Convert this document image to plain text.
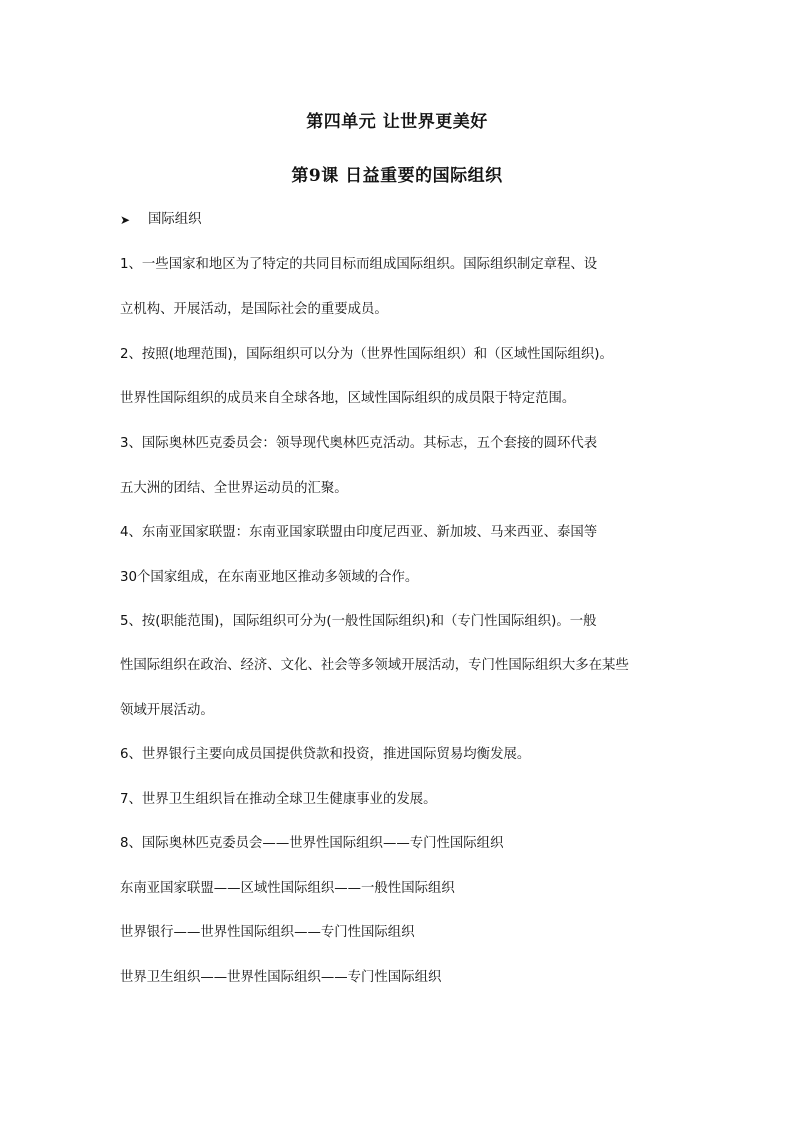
第四单元 让世界更美好
第9课 日益重要的国际组织
➤ 国际组织
1、一些国家和地区为了特定的共同目标而组成国际组织。国际组织制定章程、设
立机构、开展活动，是国际社会的重要成员。
2、按照(地理范围)，国际组织可以分为（世界性国际组织）和（区域性国际组织)。
世界性国际组织的成员来自全球各地，区域性国际组织的成员限于特定范围。
3、国际奥林匹克委员会：领导现代奥林匹克活动。其标志，五个套接的圆环代表
五大洲的团结、全世界运动员的汇聚。
4、东南亚国家联盟：东南亚国家联盟由印度尼西亚、新加坡、马来西亚、泰国等
30个国家组成，在东南亚地区推动多领域的合作。
5、按(职能范围)，国际组织可分为(一般性国际组织)和（专门性国际组织)。一般
性国际组织在政治、经济、文化、社会等多领域开展活动，专门性国际组织大多在某些
领域开展活动。
6、世界银行主要向成员国提供贷款和投资，推进国际贸易均衡发展。
7、世界卫生组织旨在推动全球卫生健康事业的发展。
8、国际奥林匹克委员会——世界性国际组织——专门性国际组织
东南亚国家联盟——区域性国际组织——一般性国际组织
世界银行——世界性国际组织——专门性国际组织
世界卫生组织——世界性国际组织——专门性国际组织
